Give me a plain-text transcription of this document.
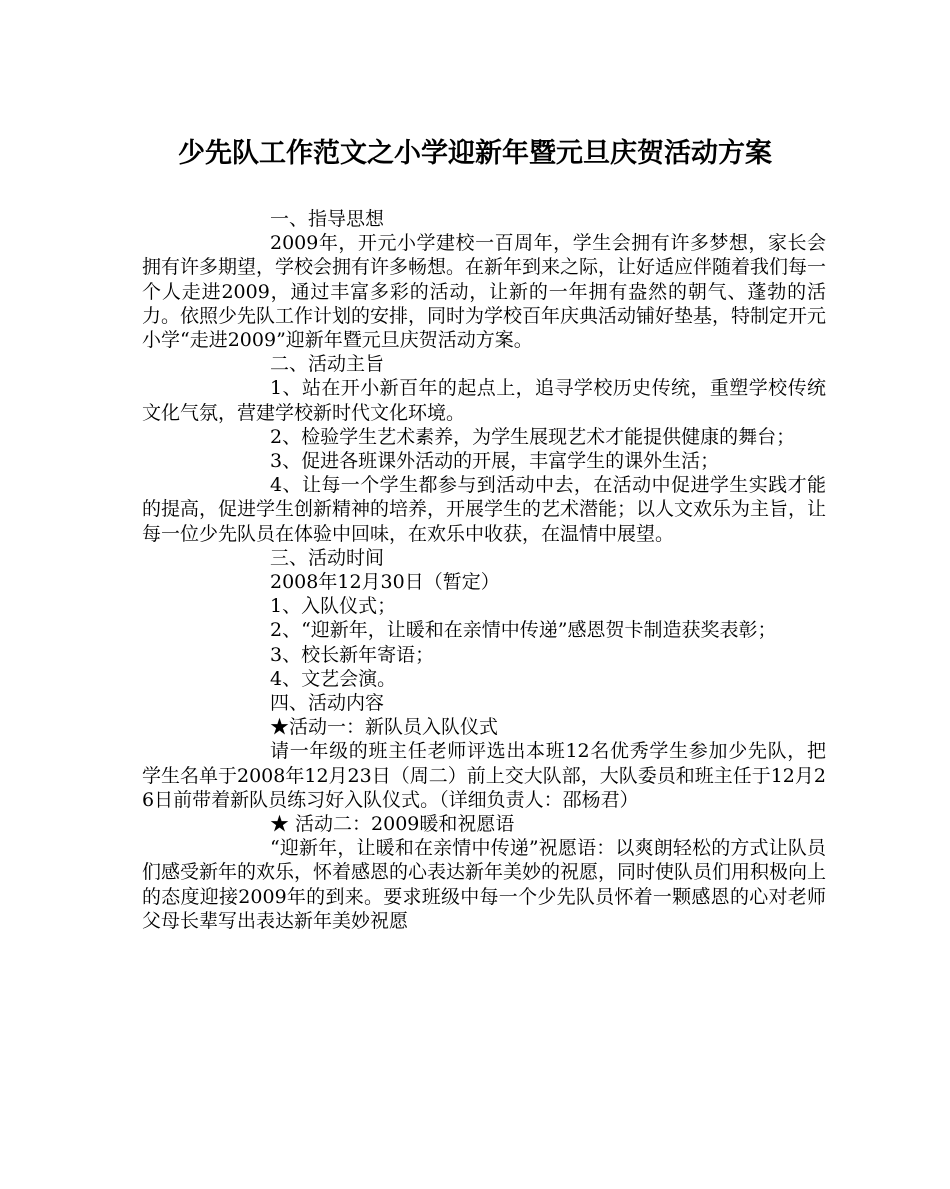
少先队工作范文之小学迎新年暨元旦庆贺活动方案

一、指导思想

2009年，开元小学建校一百周年，学生会拥有许多梦想，家长会拥有许多期望，学校会拥有许多畅想。在新年到来之际，让好适应伴随着我们每一个人走进2009，通过丰富多彩的活动，让新的一年拥有盎然的朝气、蓬勃的活力。依照少先队工作计划的安排，同时为学校百年庆典活动铺好垫基，特制定开元小学“走进2009”迎新年暨元旦庆贺活动方案。

二、活动主旨

1、站在开小新百年的起点上，追寻学校历史传统，重塑学校传统文化气氛，营建学校新时代文化环境。

2、检验学生艺术素养，为学生展现艺术才能提供健康的舞台；

3、促进各班课外活动的开展，丰富学生的课外生活；

4、让每一个学生都参与到活动中去，在活动中促进学生实践才能的提高，促进学生创新精神的培养，开展学生的艺术潜能；以人文欢乐为主旨，让每一位少先队员在体验中回味，在欢乐中收获，在温情中展望。

三、活动时间

2008年12月30日（暂定）

1、入队仪式；

2、“迎新年，让暖和在亲情中传递”感恩贺卡制造获奖表彰；

3、校长新年寄语；

4、文艺会演。

四、活动内容

★活动一：新队员入队仪式

请一年级的班主任老师评选出本班12名优秀学生参加少先队，把学生名单于2008年12月23日（周二）前上交大队部，大队委员和班主任于12月26日前带着新队员练习好入队仪式。（详细负责人：邵杨君）

★ 活动二：2009暖和祝愿语

“迎新年，让暖和在亲情中传递”祝愿语：以爽朗轻松的方式让队员们感受新年的欢乐，怀着感恩的心表达新年美妙的祝愿，同时使队员们用积极向上的态度迎接2009年的到来。要求班级中每一个少先队员怀着一颗感恩的心对老师父母长辈写出表达新年美妙祝愿
